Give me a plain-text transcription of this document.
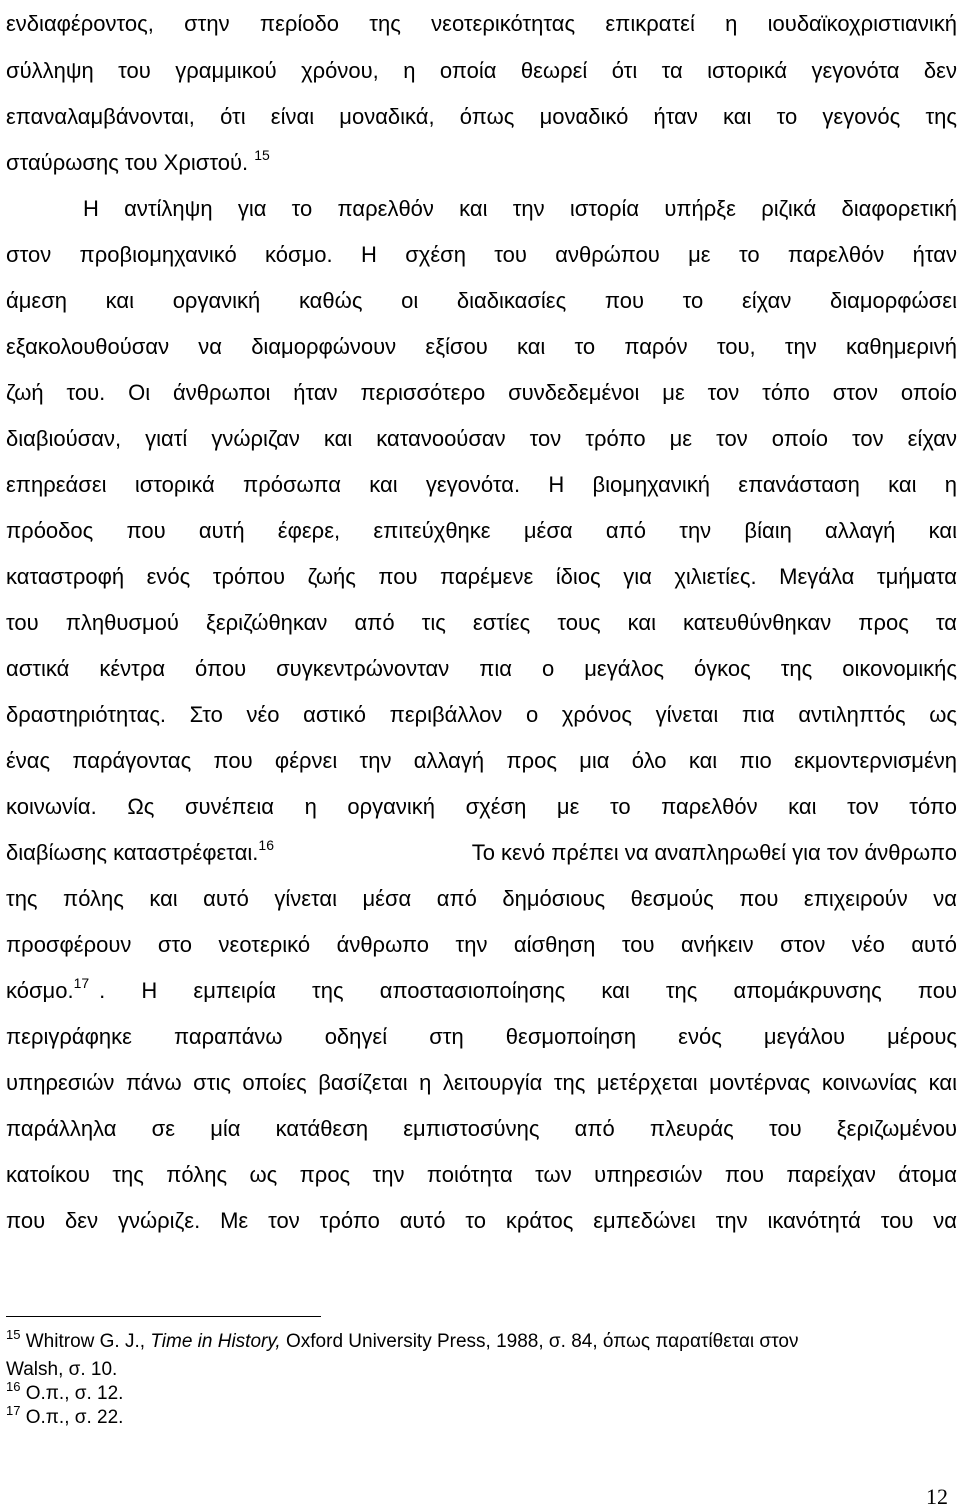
ενδιαφέροντος, στην περίοδο της νεοτερικότητας επικρατεί η ιουδαϊκοχριστιανική
σύλληψη του γραμμικού χρόνου, η οποία θεωρεί ότι τα ιστορικά γεγονότα δεν
επαναλαμβάνονται, ότι είναι μοναδικά, όπως μοναδικό ήταν και το γεγονός της
σταύρωσης του Χριστού. $^{15}$
Η αντίληψη για το παρελθόν και την ιστορία υπήρξε ριζικά διαφορετική
στον προβιομηχανικό κόσμο. Η σχέση του ανθρώπου με το παρελθόν ήταν
άμεση και οργανική καθώς οι διαδικασίες που το είχαν διαμορφώσει
εξακολουθούσαν να διαμορφώνουν εξίσου και το παρόν του, την καθημερινή
ζωή του. Οι άνθρωποι ήταν περισσότερο συνδεδεμένοι με τον τόπο στον οποίο
διαβιούσαν, γιατί γνώριζαν και κατανοούσαν τον τρόπο με τον οποίο τον είχαν
επηρεάσει ιστορικά πρόσωπα και γεγονότα. Η βιομηχανική επανάσταση και η
πρόοδος που αυτή έφερε, επιτεύχθηκε μέσα από την βίαιη αλλαγή και
καταστροφή ενός τρόπου ζωής που παρέμενε ίδιος για χιλιετίες. Μεγάλα τμήματα
του πληθυσμού ξεριζώθηκαν από τις εστίες τους και κατευθύνθηκαν προς τα
αστικά κέντρα όπου συγκεντρώνονταν πια ο μεγάλος όγκος της οικονομικής
δραστηριότητας. Στο νέο αστικό περιβάλλον ο χρόνος γίνεται πια αντιληπτός ως
ένας παράγοντας που φέρνει την αλλαγή προς μια όλο και πιο εκμοντερνισμένη
κοινωνία. Ως συνέπεια η οργανική σχέση με το παρελθόν και τον τόπο
διαβίωσης καταστρέφεται.$^{16}$	Το κενό πρέπει να αναπληρωθεί για τον άνθρωπο
της πόλης και αυτό γίνεται μέσα από δημόσιους θεσμούς που επιχειρούν να
προσφέρουν στο νεοτερικό άνθρωπο την αίσθηση του ανήκειν στον νέο αυτό
κόσμο.$^{17}$ . Η εμπειρία της αποστασιοποίησης και της απομάκρυνσης που
περιγράφηκε παραπάνω οδηγεί στη θεσμοποίηση ενός μεγάλου μέρους
υπηρεσιών πάνω στις οποίες βασίζεται η λειτουργία της μετέρχεται μοντέρνας κοινωνίας και
παράλληλα σε μία κατάθεση εμπιστοσύνης από πλευράς του ξεριζωμένου
κατοίκου της πόλης ως προς την ποιότητα των υπηρεσιών που παρείχαν άτομα
που δεν γνώριζε. Με τον τρόπο αυτό το κράτος εμπεδώνει την ικανότητά του να
$^{15}$ Whitrow G. J., Time in History, Oxford University Press, 1988, σ. 84, όπως παρατίθεται στον
Walsh, σ. 10.
$^{16}$ Ο.π., σ. 12.
$^{17}$ Ο.π., σ. 22.
12
